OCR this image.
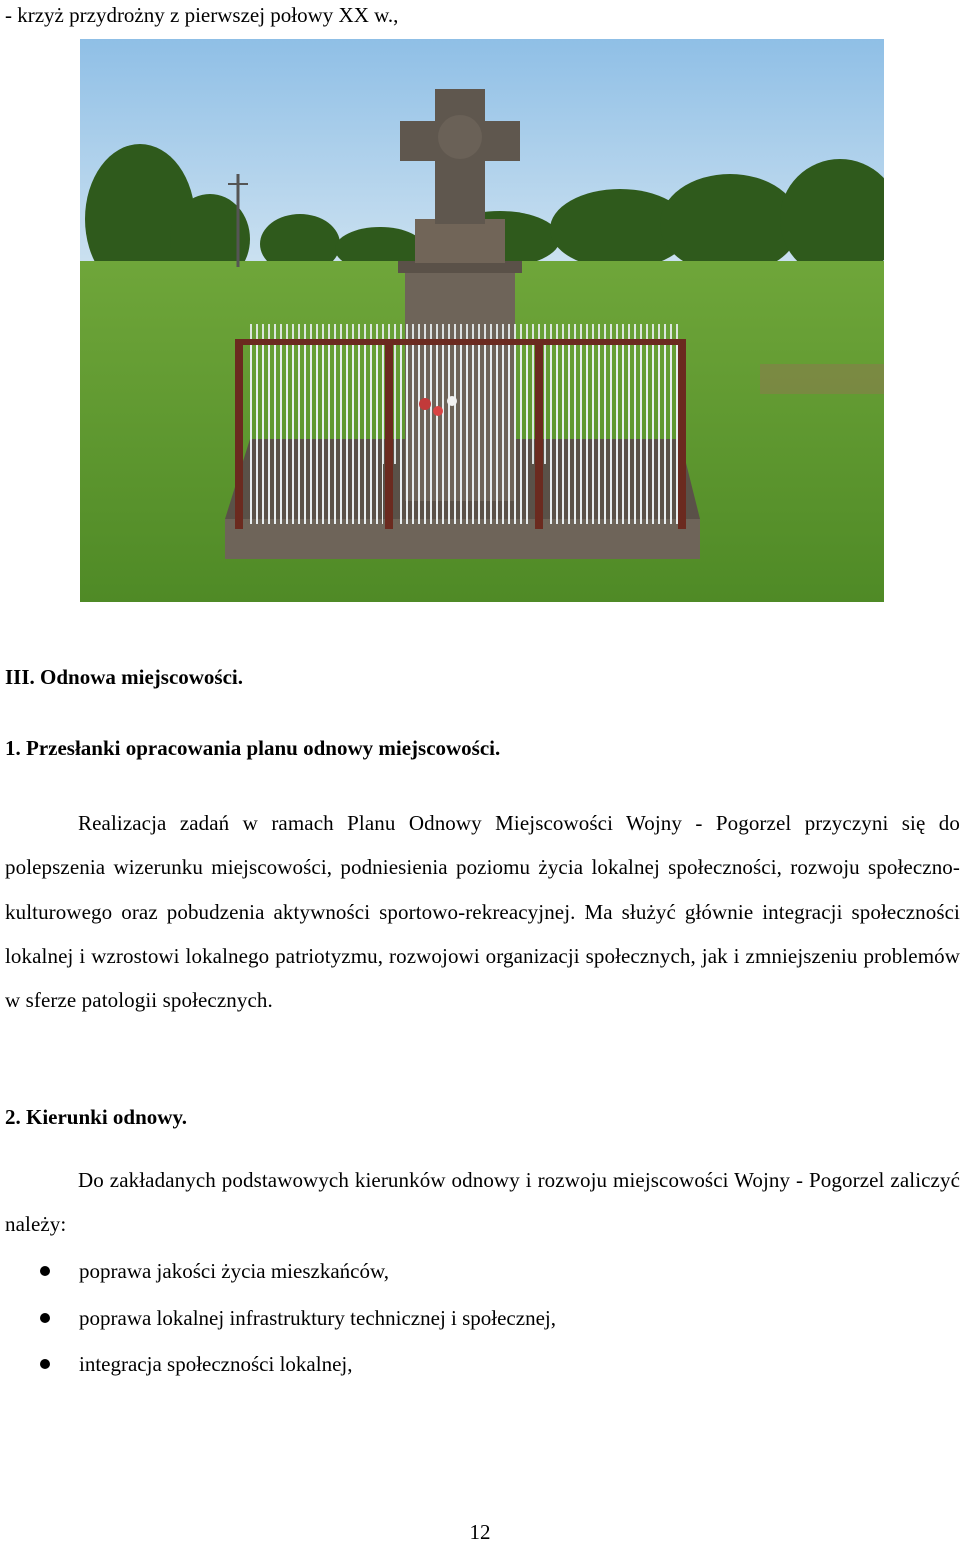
- krzyż przydrożny z pierwszej połowy XX w.,
III. Odnowa miejscowości.
1. Przesłanki opracowania planu odnowy miejscowości.

Realizacja zadań w ramach Planu Odnowy Miejscowości Wojny - Pogorzel przyczyni się do polepszenia wizerunku miejscowości, podniesienia poziomu życia lokalnej społeczności, rozwoju społeczno-kulturowego oraz pobudzenia aktywności sportowo-rekreacyjnej. Ma służyć głównie integracji społeczności lokalnej i wzrostowi lokalnego patriotyzmu, rozwojowi organizacji społecznych, jak i zmniejszeniu problemów w sferze patologii społecznych.

2. Kierunki odnowy.

Do zakładanych podstawowych kierunków odnowy i rozwoju miejscowości Wojny - Pogorzel zaliczyć należy:

poprawa jakości życia mieszkańców,
poprawa lokalnej infrastruktury technicznej i społecznej,
integracja społeczności lokalnej,
12
